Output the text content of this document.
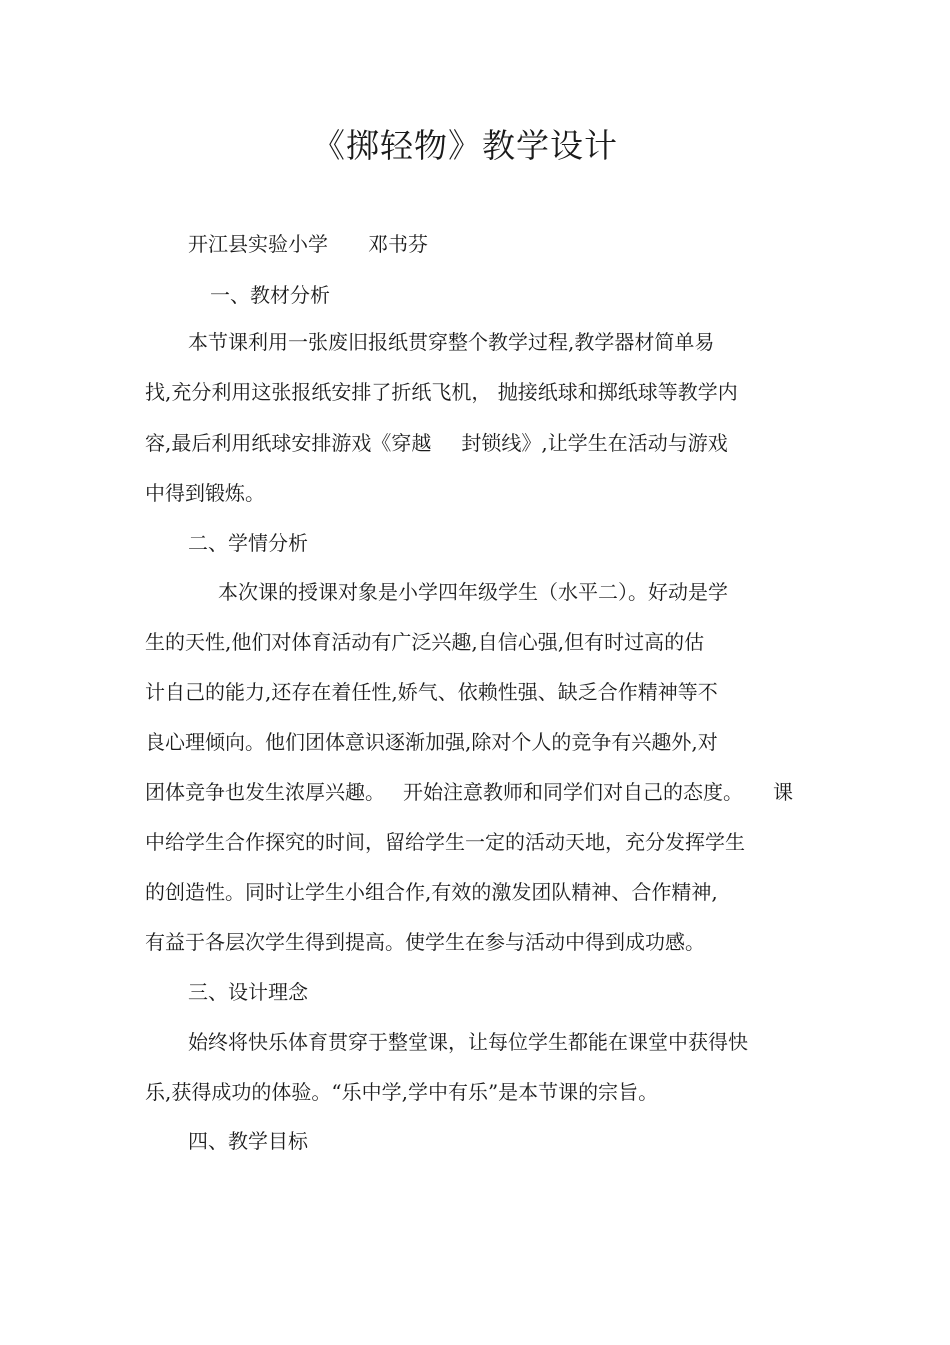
《掷轻物》教学设计
开江县实验小学 邓书芬
一、教材分析
本节课利用一张废旧报纸贯穿整个教学过程,教学器材简单易
找,充分利用这张报纸安排了折纸飞机， 抛接纸球和掷纸球等教学内
容,最后利用纸球安排游戏《穿越 封锁线》,让学生在活动与游戏
中得到锻炼。
二、学情分析
本次课的授课对象是小学四年级学生（水平二）。好动是学
生的天性,他们对体育活动有广泛兴趣,自信心强,但有时过高的估
计自己的能力,还存在着任性,娇气、依赖性强、缺乏合作精神等不
良心理倾向。他们团体意识逐渐加强,除对个人的竞争有兴趣外,对
团体竞争也发生浓厚兴趣。 开始注意教师和同学们对自己的态度。 课
中给学生合作探究的时间，留给学生一定的活动天地，充分发挥学生
的创造性。同时让学生小组合作,有效的激发团队精神、合作精神,
有益于各层次学生得到提高。使学生在参与活动中得到成功感。
三、设计理念
始终将快乐体育贯穿于整堂课，让每位学生都能在课堂中获得快
乐,获得成功的体验。“乐中学,学中有乐”是本节课的宗旨。
四、教学目标
